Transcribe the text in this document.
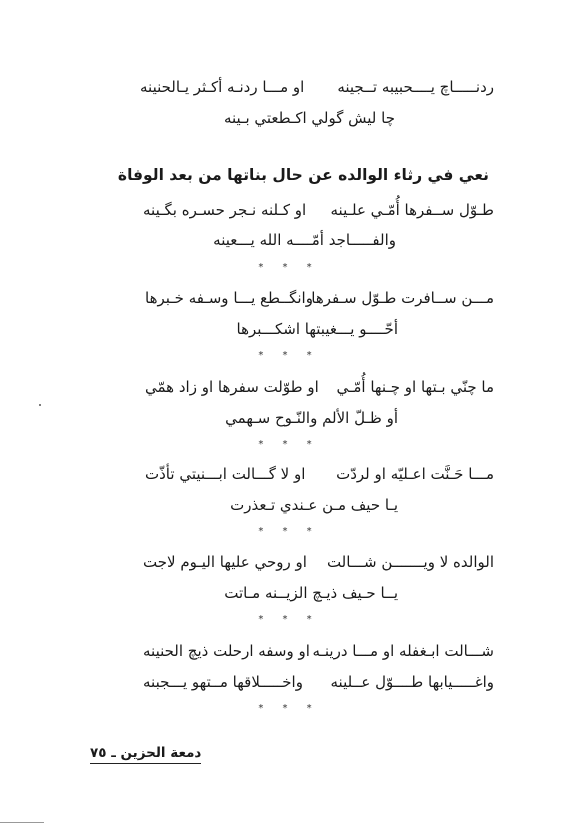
ردنـــــاچ يــــحبيبه تــجينه
او مـــا ردنـه أكـثر يـالحنينه
چا ليش گولي اكـطعتي بـينه
نعي في رثاء الوالده عن حال بناتها من بعد الوفاة
طـوّل ســفرها أُمّـي علـينه
او كـلنه نـجر حسـره بگـينه
والفـــــاجد أمّــــه الله يـــعينه
* * *
مـــن ســافرت طـوّل سـفرها
وانگــطع يـــا وسـفه خـبرها
أحّــــو يـــغيبتها اشكـــبرها
* * *
ما چنّي بـتها او چـنها أُمّـي
او طوّلت سفرها او زاد همّي
أو ظـلّ الألم والنّـوح سـهمي
* * *
مـــا حَـنَّت اعـليّه او لردّت
او لا گـــالت ابـــنيتي تأذّت
يـا حيف مـن عـندي تـعذرت
* * *
الوالده لا ويـــــــن شـــالت
او روحي عليها اليـوم لاجت
يــا حـيف ذيـچ الزيــنه مـاتت
* * *
شـــالت ابـغفله او مـــا درينـه
او وسفه ارحلت ذيچ الحنينه
واغـــــيابها طــــوّل عــلينه
واخـــــلاقها مــتهو يـــجبنه
* * *
دمعة الحزين ـ ٧٥
